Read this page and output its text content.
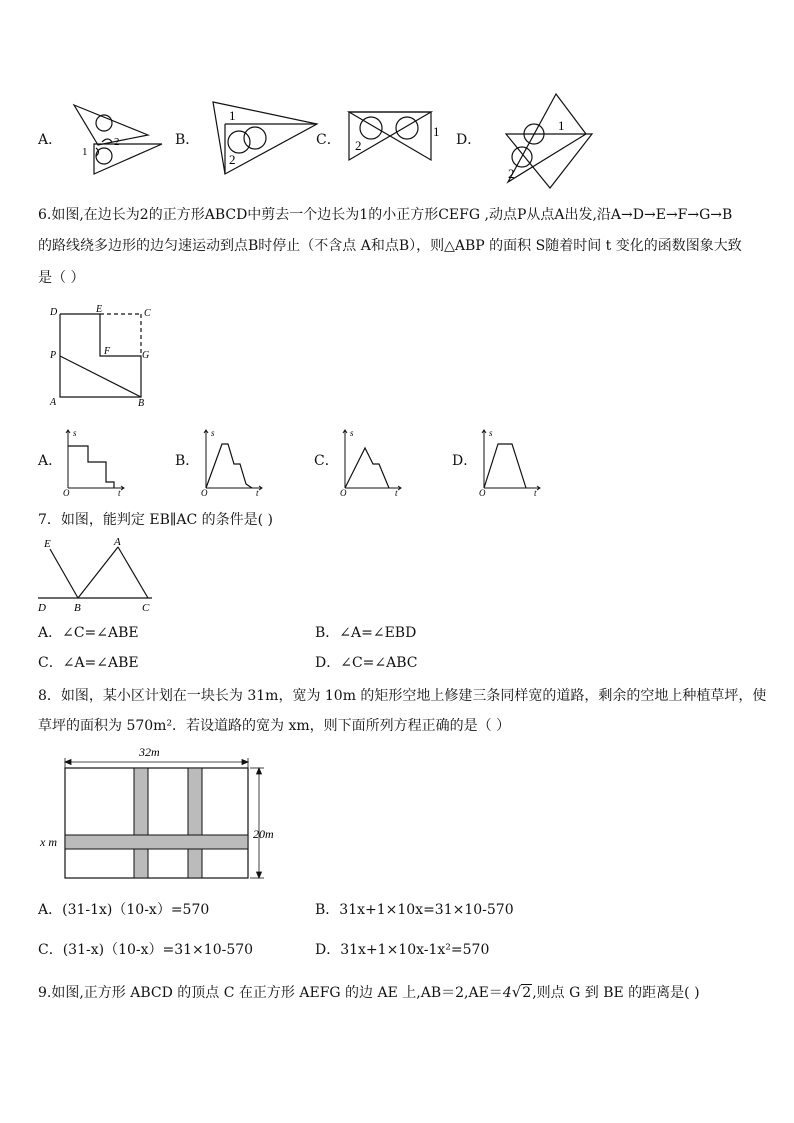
A．
1
2	B．
1
2
C． 2
1
D．
1
2
6.如图,在边长为2的正方形ABCD中剪去一个边长为1的小正方形CEFG ,动点P从点A出发,沿A→D→E→F→G→B
的路线绕多边形的边匀速运动到点B时停止（不含点 A和点B），则△ABP 的面积 S随着时间 t 变化的函数图象大致
是（ ）
D	E	C
P	F	G
A	B
A．
s
O	t
B．
s
O	t
C．
s
O	t
D．
s
O	t
7．如图，能判定 EB∥AC 的条件是( )
E	A
D	B	C
A．∠C=∠ABE	B．∠A=∠EBD
C．∠A=∠ABE	D．∠C=∠ABC
8．如图，某小区计划在一块长为 31m，宽为 10m 的矩形空地上修建三条同样宽的道路，剩余的空地上种植草坪，使
草坪的面积为 570m²．若设道路的宽为 xm，则下面所列方程正确的是（ ）
32m
20m
x m
A．(31-1x)（10-x）=570	B．31x+1×10x=31×10-570
C．(31-x)（10-x）=31×10-570	D．31x+1×10x-1x²=570
9.如图,正方形 ABCD 的顶点 C 在正方形 AEFG 的边 AE 上,AB＝2,AE＝4√2,则点 G 到 BE 的距离是( )
